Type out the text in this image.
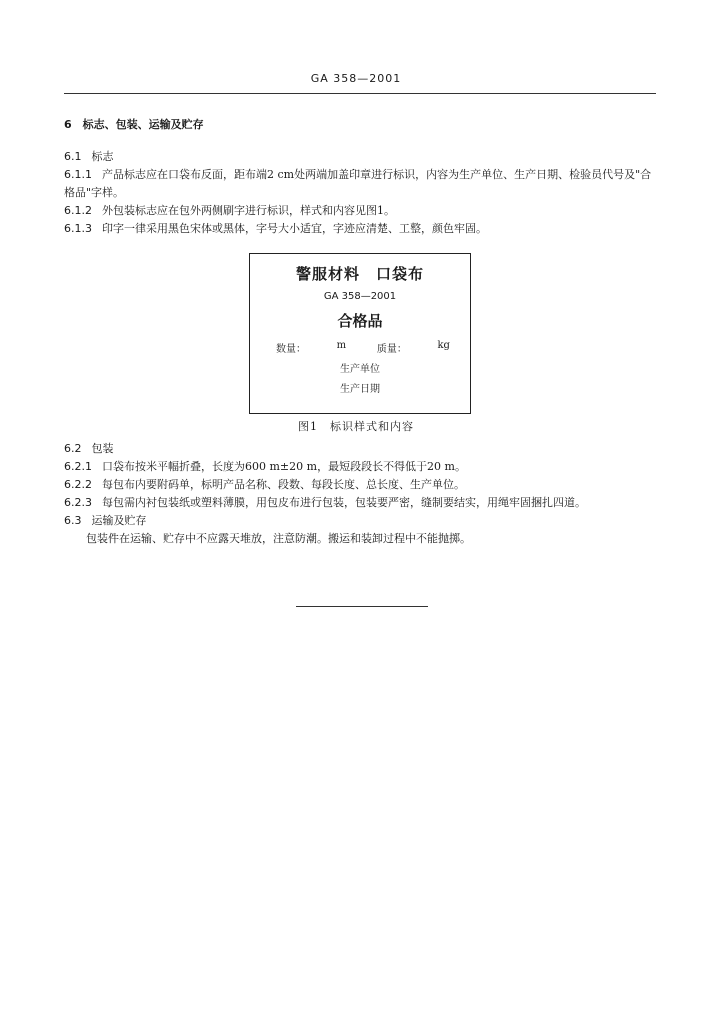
GA 358—2001
6　标志、包装、运输及贮存
6.1 标志
6.1.1 产品标志应在口袋布反面，距布端2 cm处两端加盖印章进行标识，内容为生产单位、生产日期、检验员代号及"合格品"字样。
6.1.2 外包装标志应在包外两侧刷字进行标识，样式和内容见图1。
6.1.3 印字一律采用黑色宋体或黑体，字号大小适宜，字迹应清楚、工整，颜色牢固。
警服材料　口袋布
GA 358—2001
合格品
数量：	m	质量：	kg
生产单位
生产日期
图1　标识样式和内容
6.2 包装
6.2.1 口袋布按米平幅折叠，长度为600 m±20 m，最短段段长不得低于20 m。
6.2.2 每包布内要附码单，标明产品名称、段数、每段长度、总长度、生产单位。
6.2.3 每包需内衬包装纸或塑料薄膜，用包皮布进行包装，包装要严密，缝制要结实，用绳牢固捆扎四道。
6.3 运输及贮存
包装件在运输、贮存中不应露天堆放，注意防潮。搬运和装卸过程中不能抛掷。
